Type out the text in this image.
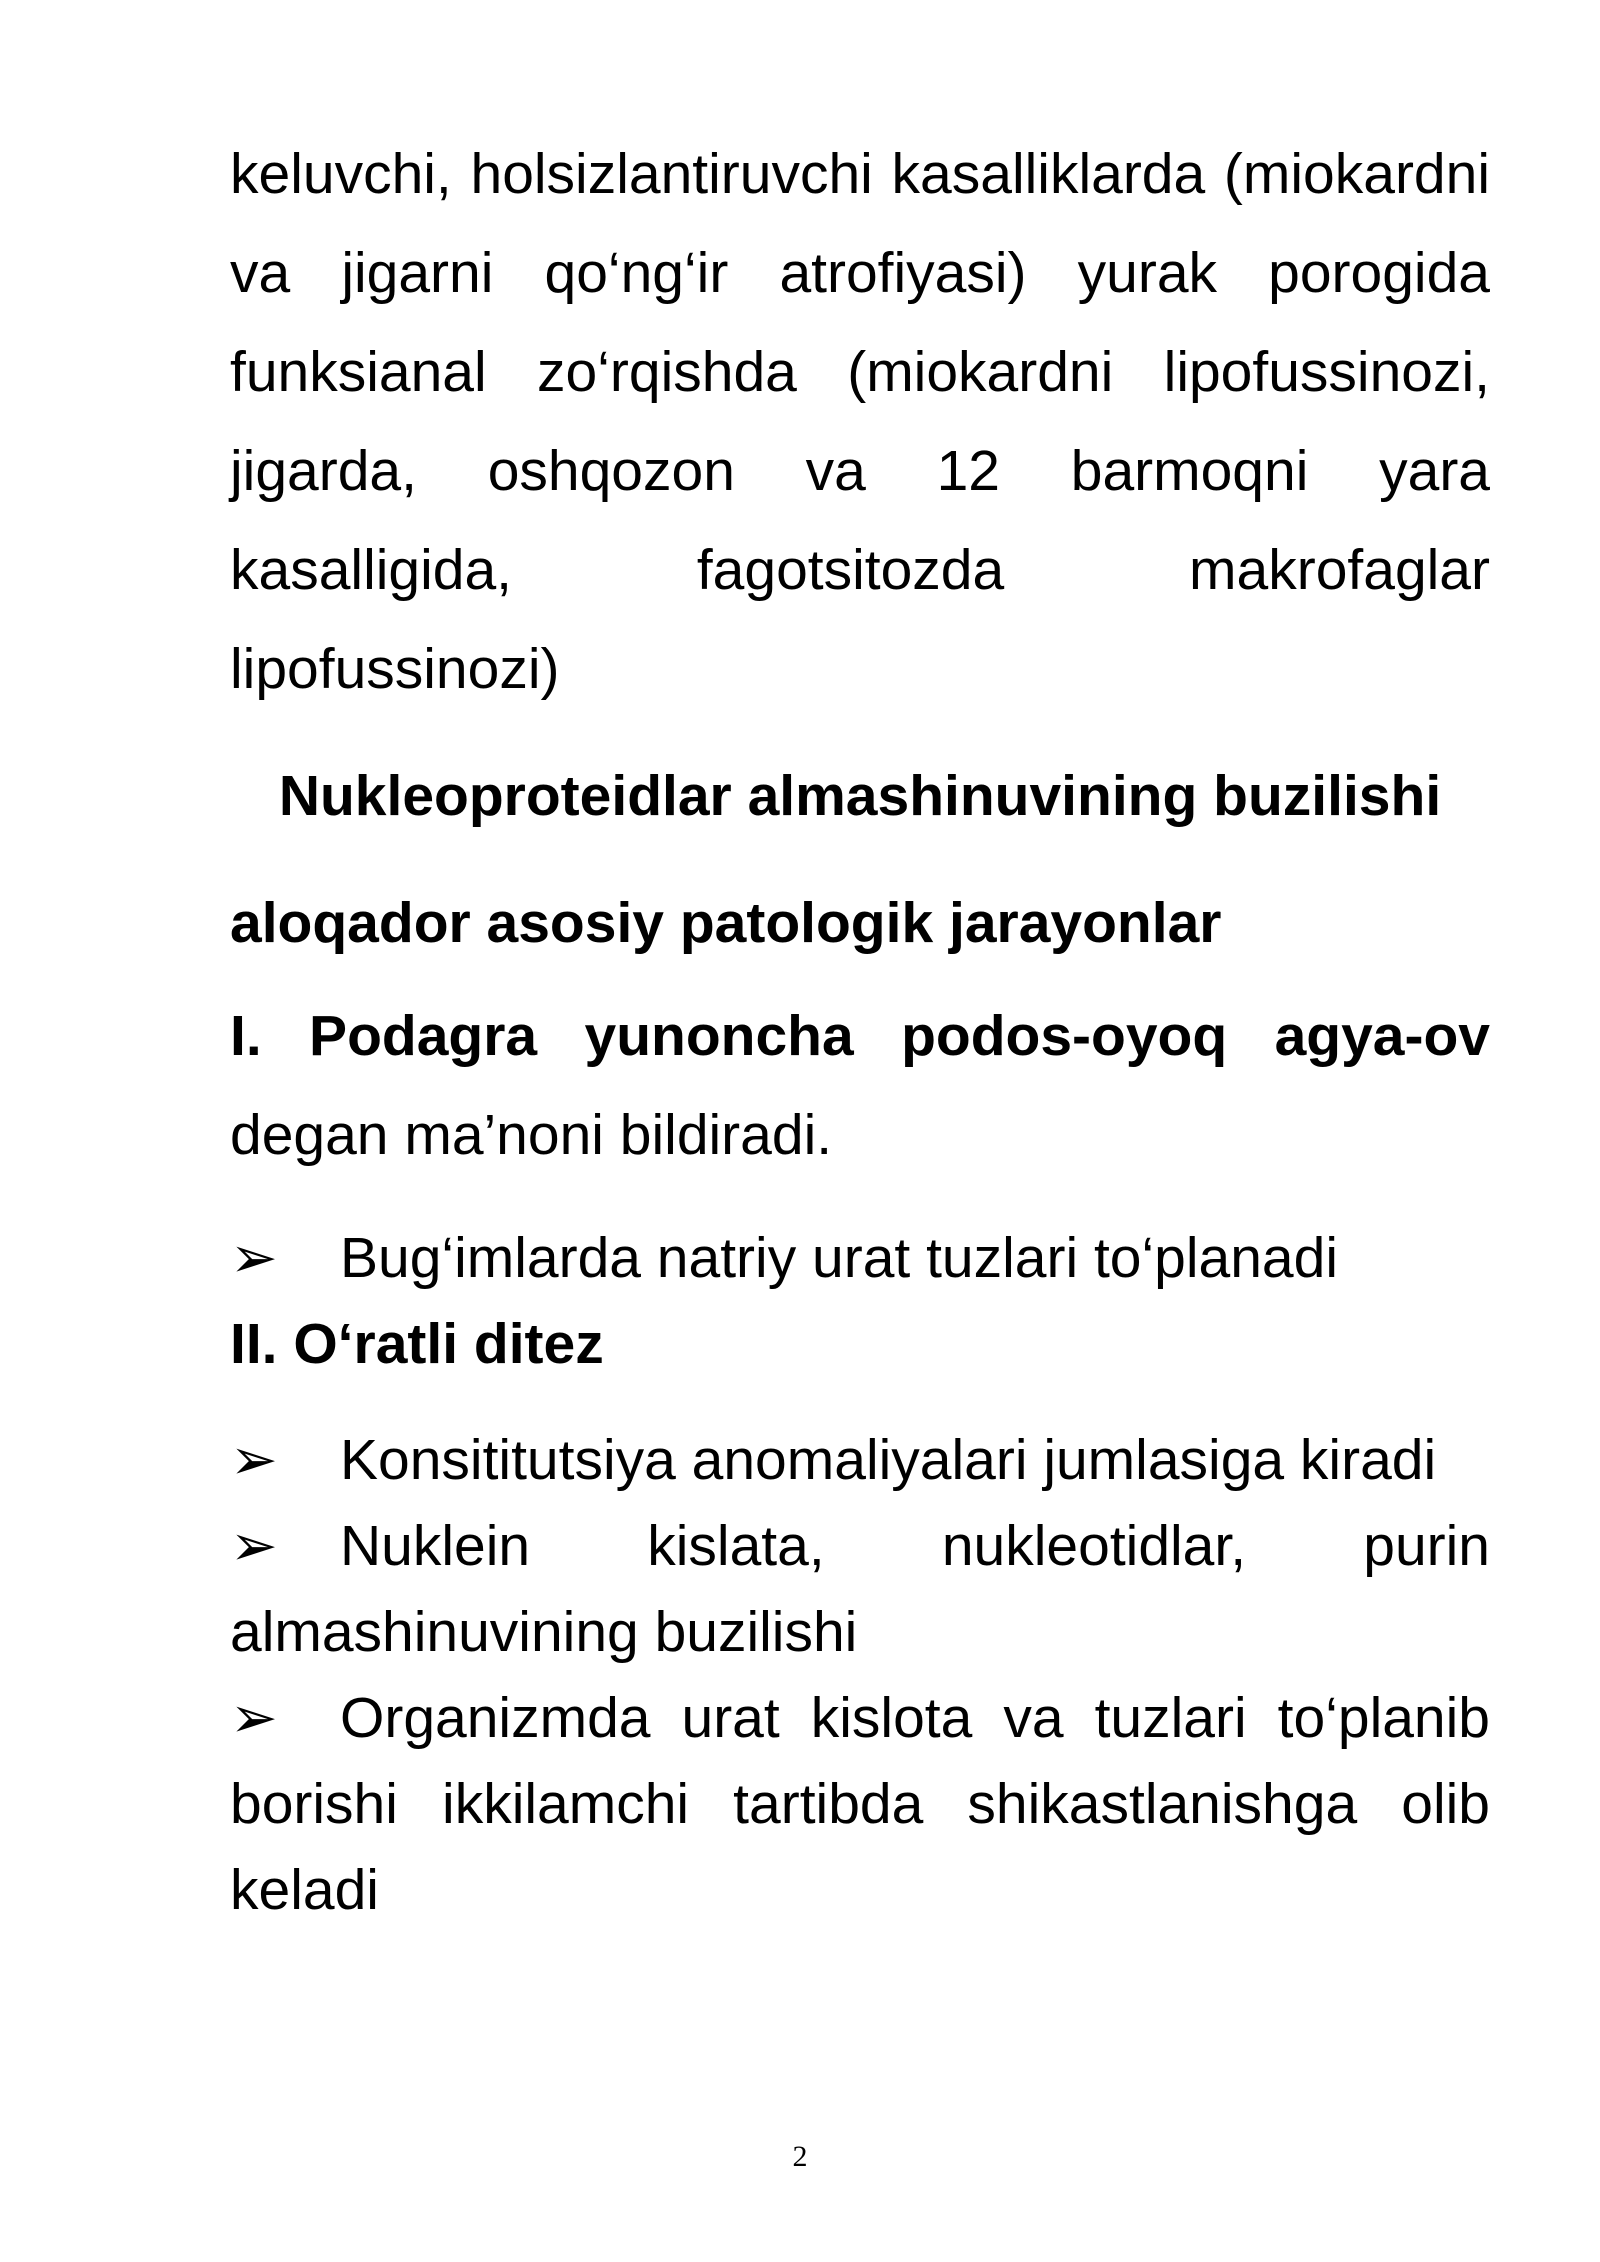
keluvchi, holsizlantiruvchi kasalliklarda (miokardni va jigarni qo‘ng‘ir atrofiyasi) yurak porogida funksianal zo‘rqishda (miokardni lipofussinozi, jigarda, oshqozon va 12 barmoqni yara kasalligida, fagotsitozda makrofaglar lipofussinozi)

Nukleoproteidlar almashinuvining buzilishi

aloqador asosiy patologik jarayonlar

I. Podagra yunoncha podos-oyoq agya-ov degan ma’noni bildiradi.

➢ Bug‘imlarda natriy urat tuzlari to‘planadi

II. O‘ratli ditez

➢ Konsititutsiya anomaliyalari jumlasiga kiradi

➢ Nuklein kislata, nukleotidlar, purin almashinuvining buzilishi

➢ Organizmda urat kislota va tuzlari to‘planib borishi ikkilamchi tartibda shikastlanishga olib keladi

2
